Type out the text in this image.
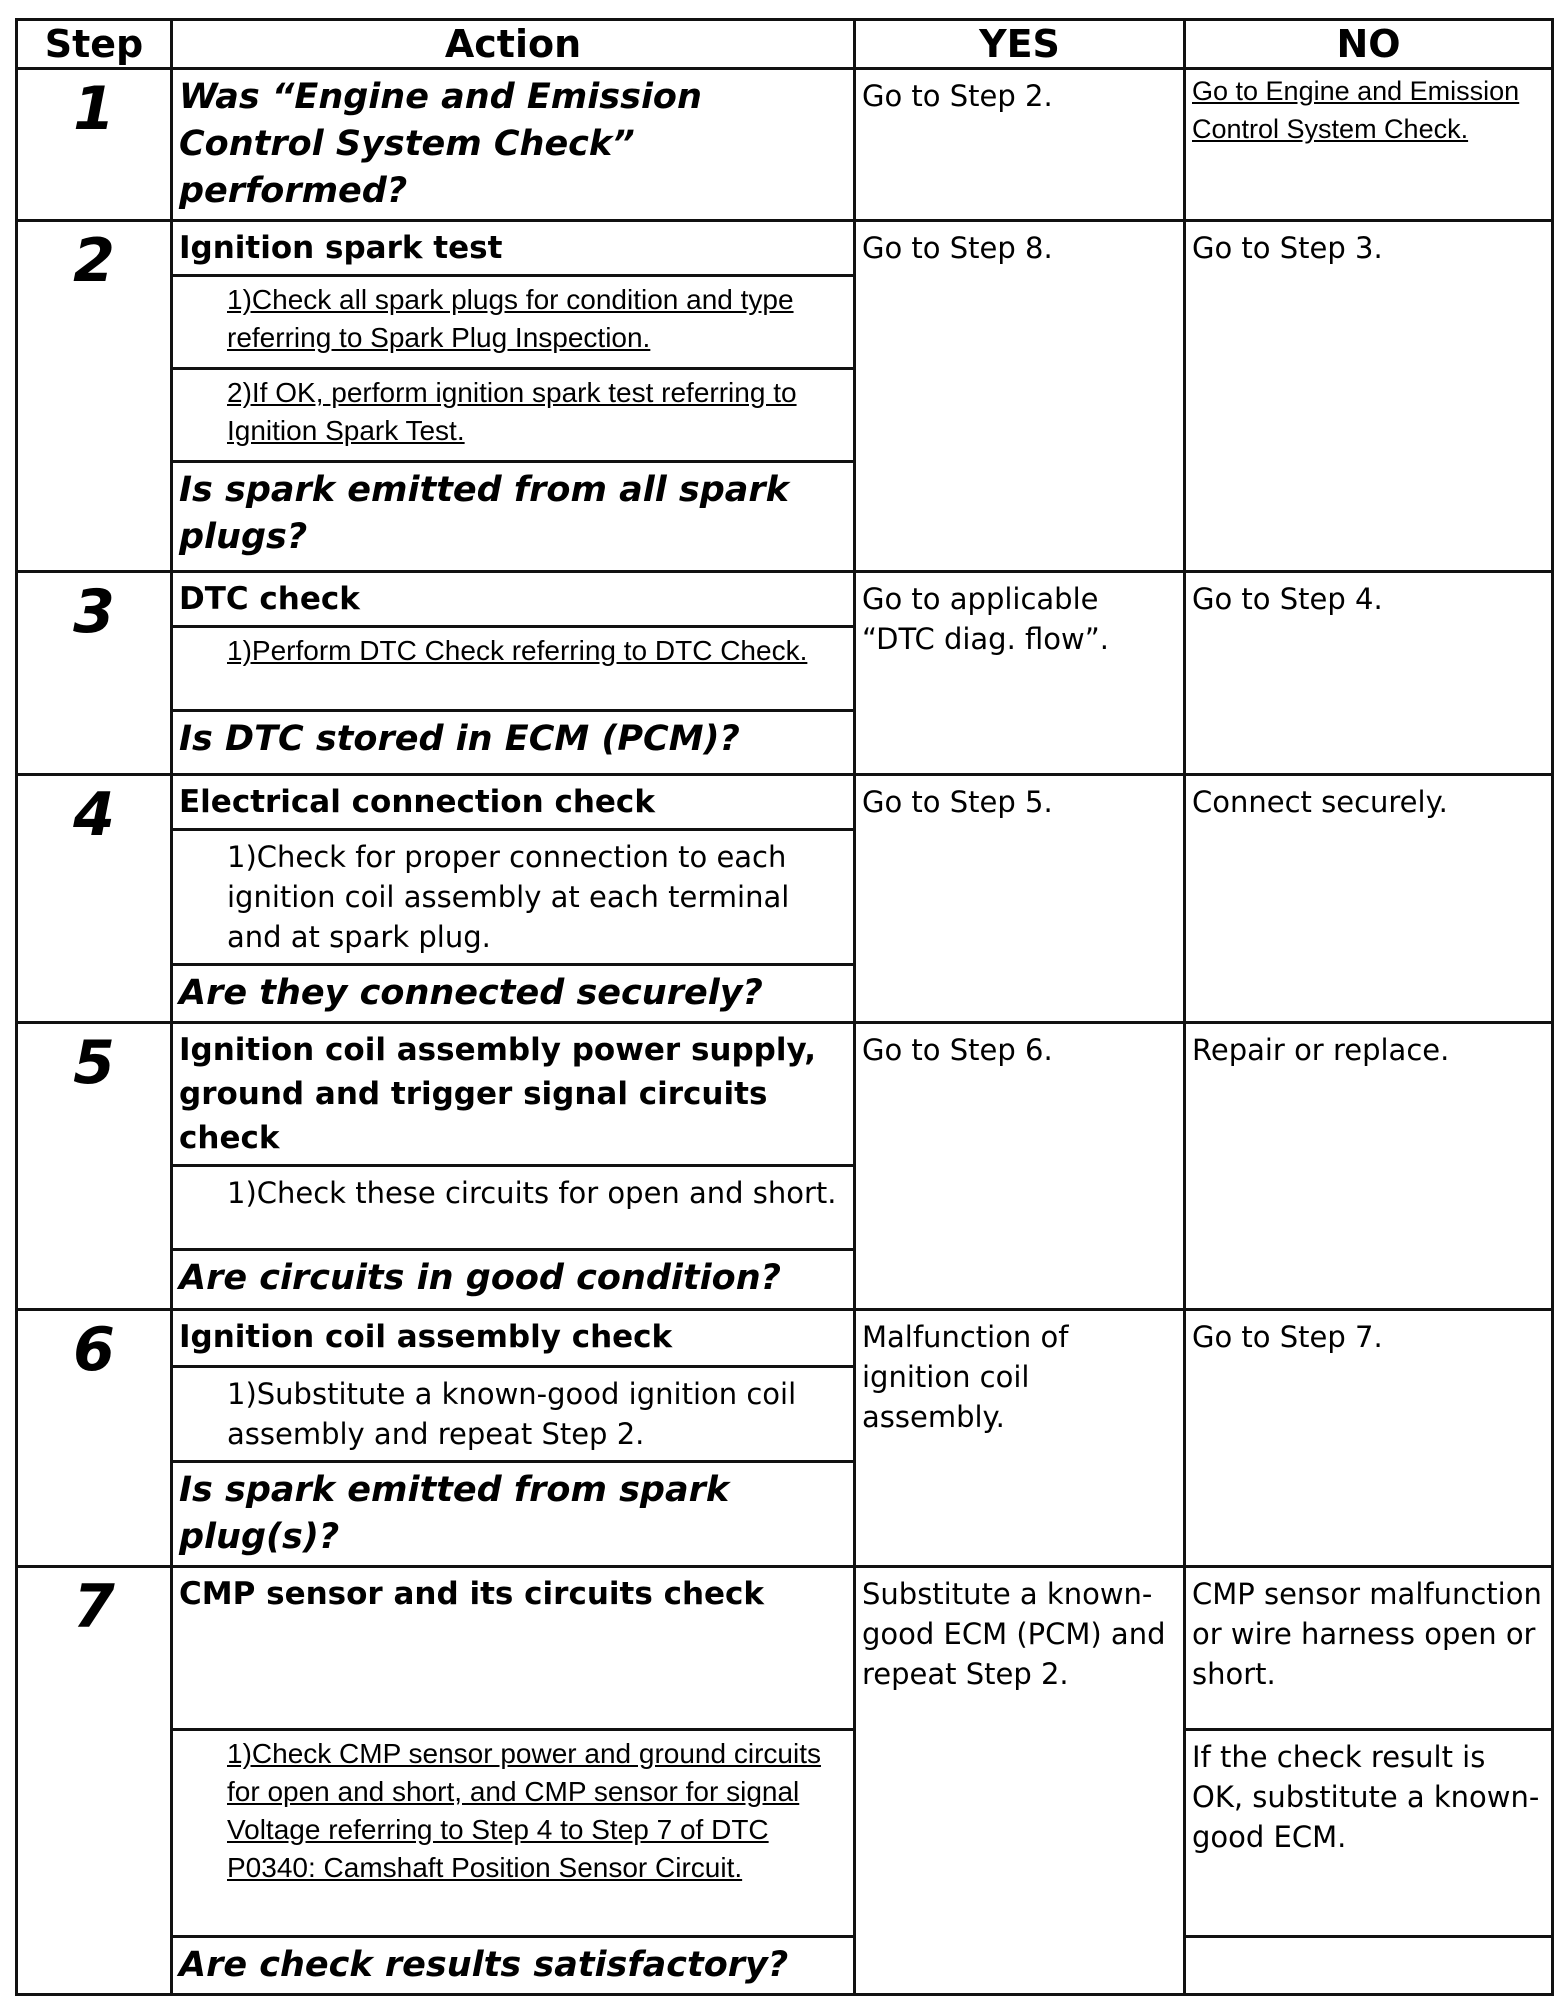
Step	Action	YES	NO
1	Was “Engine and Emission Control System Check” performed?	Go to Step 2.	Go to Engine and Emission Control System Check.
2	Ignition spark test	Go to Step 8.	Go to Step 3.
	1)Check all spark plugs for condition and type referring to Spark Plug Inspection.		
	2)If OK, perform ignition spark test referring to Ignition Spark Test.		
	Is spark emitted from all spark plugs?		
3	DTC check	Go to applicable “DTC diag. flow”.	Go to Step 4.
	1)Perform DTC Check referring to DTC Check.		
	Is DTC stored in ECM (PCM)?		
4	Electrical connection check	Go to Step 5.	Connect securely.
	1)Check for proper connection to each ignition coil assembly at each terminal and at spark plug.		
	Are they connected securely?		
5	Ignition coil assembly power supply, ground and trigger signal circuits check	Go to Step 6.	Repair or replace.
	1)Check these circuits for open and short.		
	Are circuits in good condition?		
6	Ignition coil assembly check	Malfunction of ignition coil assembly.	Go to Step 7.
	1)Substitute a known-good ignition coil assembly and repeat Step 2.		
	Is spark emitted from spark plug(s)?		
7	CMP sensor and its circuits check	Substitute a known-good ECM (PCM) and repeat Step 2.	CMP sensor malfunction or wire harness open or short.
	1)Check CMP sensor power and ground circuits for open and short, and CMP sensor for signal Voltage referring to Step 4 to Step 7 of DTC P0340: Camshaft Position Sensor Circuit.		If the check result is OK, substitute a known-good ECM.
	Are check results satisfactory?		
